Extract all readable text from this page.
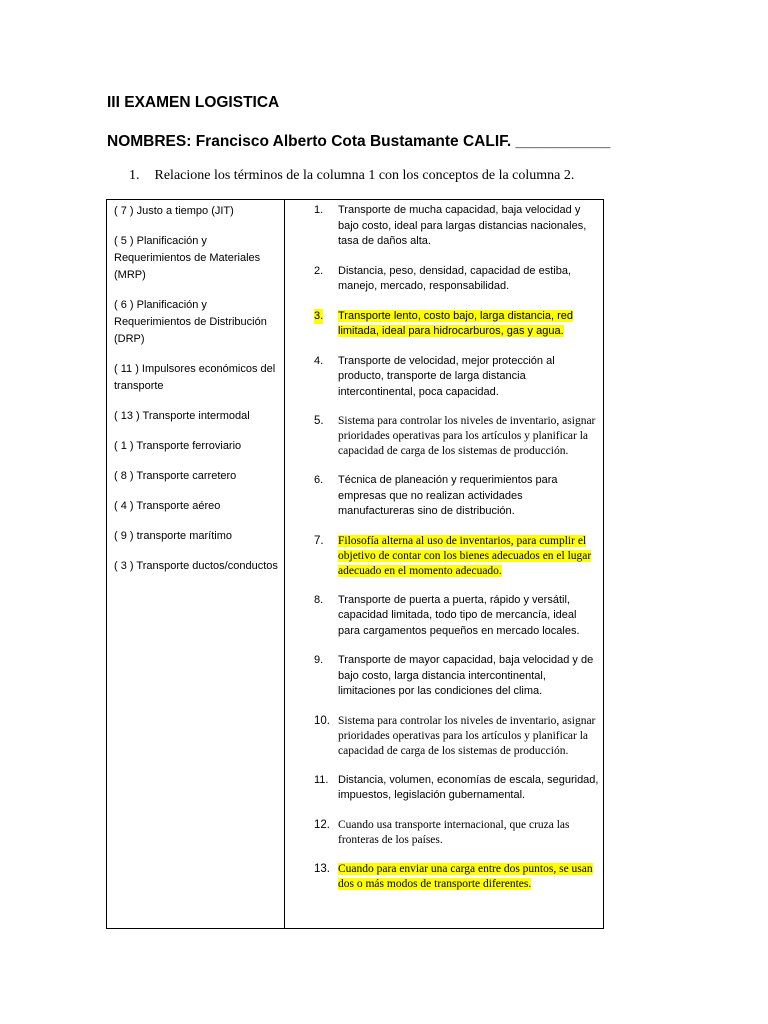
III EXAMEN LOGISTICA
NOMBRES: Francisco Alberto Cota Bustamante CALIF. ___________
1. Relacione los términos de la columna 1 con los conceptos de la columna 2.
( 7 ) Justo a tiempo (JIT)
( 5 ) Planificación y Requerimientos de Materiales (MRP)
( 6 ) Planificación y Requerimientos de Distribución (DRP)
( 11 ) Impulsores económicos del transporte
( 13 ) Transporte intermodal
( 1 ) Transporte ferroviario
( 8 ) Transporte carretero
( 4 ) Transporte aéreo
( 9 ) transporte marítimo
( 3 ) Transporte ductos/conductos
1. Transporte de mucha capacidad, baja velocidad y bajo costo, ideal para largas distancias nacionales, tasa de daños alta.
2. Distancia, peso, densidad, capacidad de estiba, manejo, mercado, responsabilidad.
3. Transporte lento, costo bajo, larga distancia, red limitada, ideal para hidrocarburos, gas y agua.
4. Transporte de velocidad, mejor protección al producto, transporte de larga distancia intercontinental, poca capacidad.
5. Sistema para controlar los niveles de inventario, asignar prioridades operativas para los artículos y planificar la capacidad de carga de los sistemas de producción.
6. Técnica de planeación y requerimientos para empresas que no realizan actividades manufactureras sino de distribución.
7. Filosofía alterna al uso de inventarios, para cumplir el objetivo de contar con los bienes adecuados en el lugar adecuado en el momento adecuado.
8. Transporte de puerta a puerta, rápido y versátil, capacidad limitada, todo tipo de mercancía, ideal para cargamentos pequeños en mercado locales.
9. Transporte de mayor capacidad, baja velocidad y de bajo costo, larga distancia intercontinental, limitaciones por las condiciones del clima.
10. Sistema para controlar los niveles de inventario, asignar prioridades operativas para los artículos y planificar la capacidad de carga de los sistemas de producción.
11. Distancia, volumen, economías de escala, seguridad, impuestos, legislación gubernamental.
12. Cuando usa transporte internacional, que cruza las fronteras de los países.
13. Cuando para enviar una carga entre dos puntos, se usan dos o más modos de transporte diferentes.
